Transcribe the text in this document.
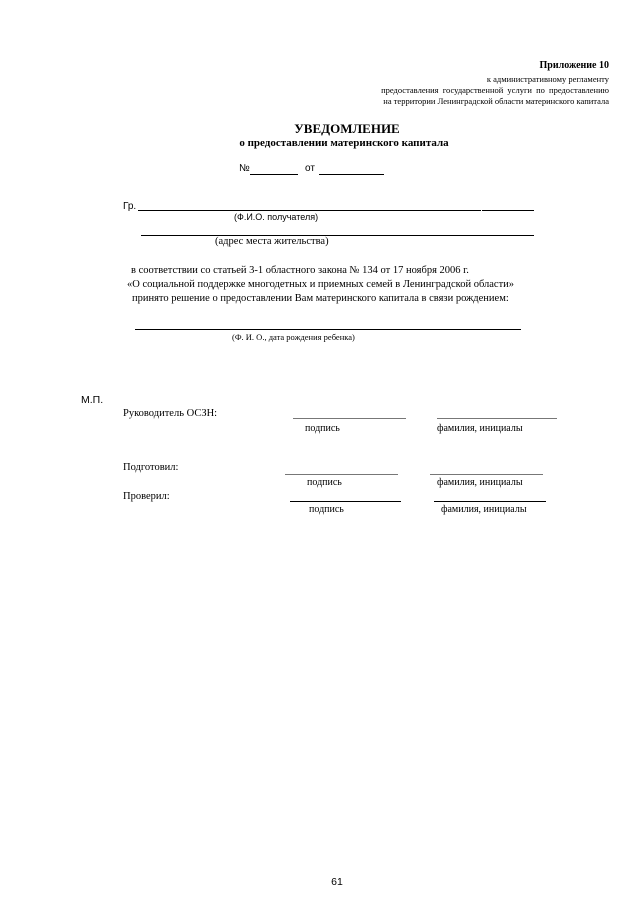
Приложение 10
к административному регламенту
предоставления государственной услуги по предоставлению
на территории Ленинградской области материнского капитала
УВЕДОМЛЕНИЕ
о предоставлении материнского капитала
№	от
Гр.
(Ф.И.О. получателя)
(адрес места жительства)
в соответствии со статьей 3-1 областного закона № 134 от 17 ноября 2006 г.
«О социальной поддержке многодетных и приемных семей в Ленинградской области»
принято решение о предоставлении Вам материнского капитала в связи рождением:
(Ф. И. О., дата рождения ребенка)
М.П.
Руководитель ОСЗН:
подпись	фамилия, инициалы
Подготовил:
подпись	фамилия, инициалы
Проверил:
подпись	фамилия, инициалы
61
